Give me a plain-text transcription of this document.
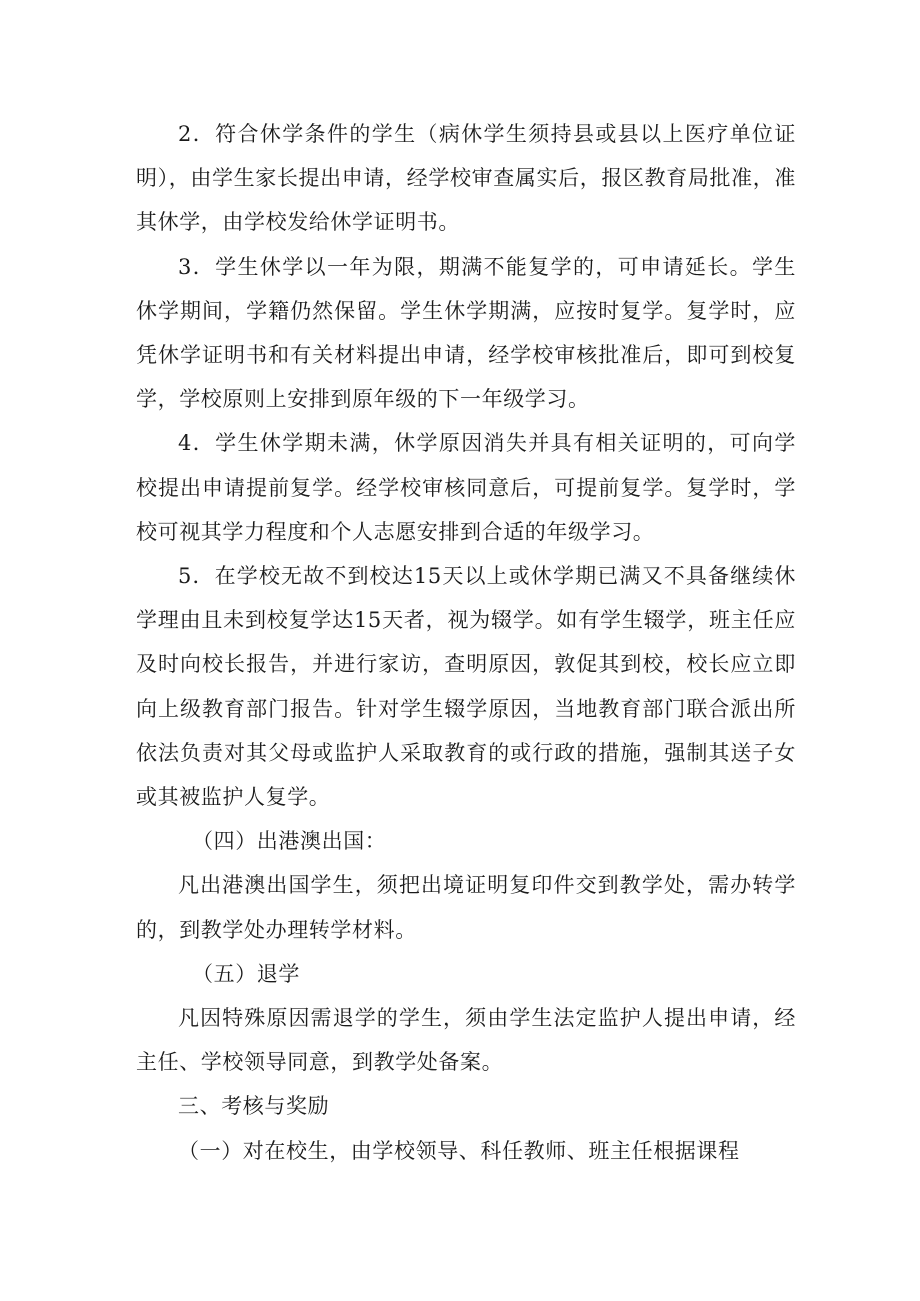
2．符合休学条件的学生（病休学生须持县或县以上医疗单位证明），由学生家长提出申请，经学校审查属实后，报区教育局批准，准其休学，由学校发给休学证明书。

3．学生休学以一年为限，期满不能复学的，可申请延长。学生休学期间，学籍仍然保留。学生休学期满，应按时复学。复学时，应凭休学证明书和有关材料提出申请，经学校审核批准后，即可到校复学，学校原则上安排到原年级的下一年级学习。

4．学生休学期未满，休学原因消失并具有相关证明的，可向学校提出申请提前复学。经学校审核同意后，可提前复学。复学时，学校可视其学力程度和个人志愿安排到合适的年级学习。

5．在学校无故不到校达15天以上或休学期已满又不具备继续休学理由且未到校复学达15天者，视为辍学。如有学生辍学，班主任应及时向校长报告，并进行家访，查明原因，敦促其到校，校长应立即向上级教育部门报告。针对学生辍学原因，当地教育部门联合派出所依法负责对其父母或监护人采取教育的或行政的措施，强制其送子女或其被监护人复学。

（四）出港澳出国：

凡出港澳出国学生，须把出境证明复印件交到教学处，需办转学的，到教学处办理转学材料。

（五）退学

凡因特殊原因需退学的学生，须由学生法定监护人提出申请，经主任、学校领导同意，到教学处备案。

三、考核与奖励

（一）对在校生，由学校领导、科任教师、班主任根据课程
